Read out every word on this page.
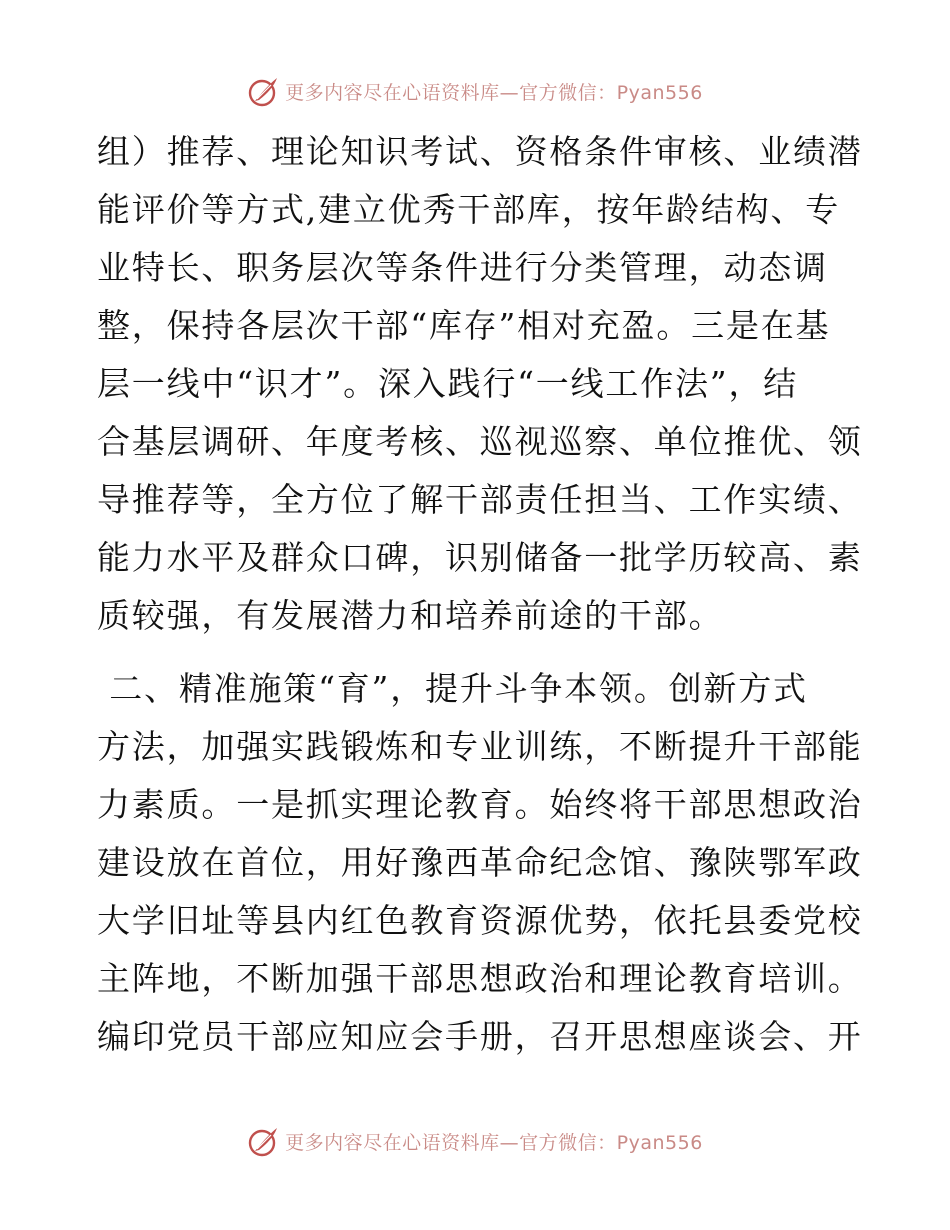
更多内容尽在心语资料库—官方微信：Pyan556
组）推荐、理论知识考试、资格条件审核、业绩潜
能评价等方式,建立优秀干部库，按年龄结构、专
业特长、职务层次等条件进行分类管理，动态调
整，保持各层次干部“库存”相对充盈。三是在基
层一线中“识才”。深入践行“一线工作法”，结
合基层调研、年度考核、巡视巡察、单位推优、领
导推荐等，全方位了解干部责任担当、工作实绩、
能力水平及群众口碑，识别储备一批学历较高、素
质较强，有发展潜力和培养前途的干部。
二、精准施策“育”，提升斗争本领。创新方式
方法，加强实践锻炼和专业训练，不断提升干部能
力素质。一是抓实理论教育。始终将干部思想政治
建设放在首位，用好豫西革命纪念馆、豫陕鄂军政
大学旧址等县内红色教育资源优势，依托县委党校
主阵地，不断加强干部思想政治和理论教育培训。
编印党员干部应知应会手册，召开思想座谈会、开
更多内容尽在心语资料库—官方微信：Pyan556
